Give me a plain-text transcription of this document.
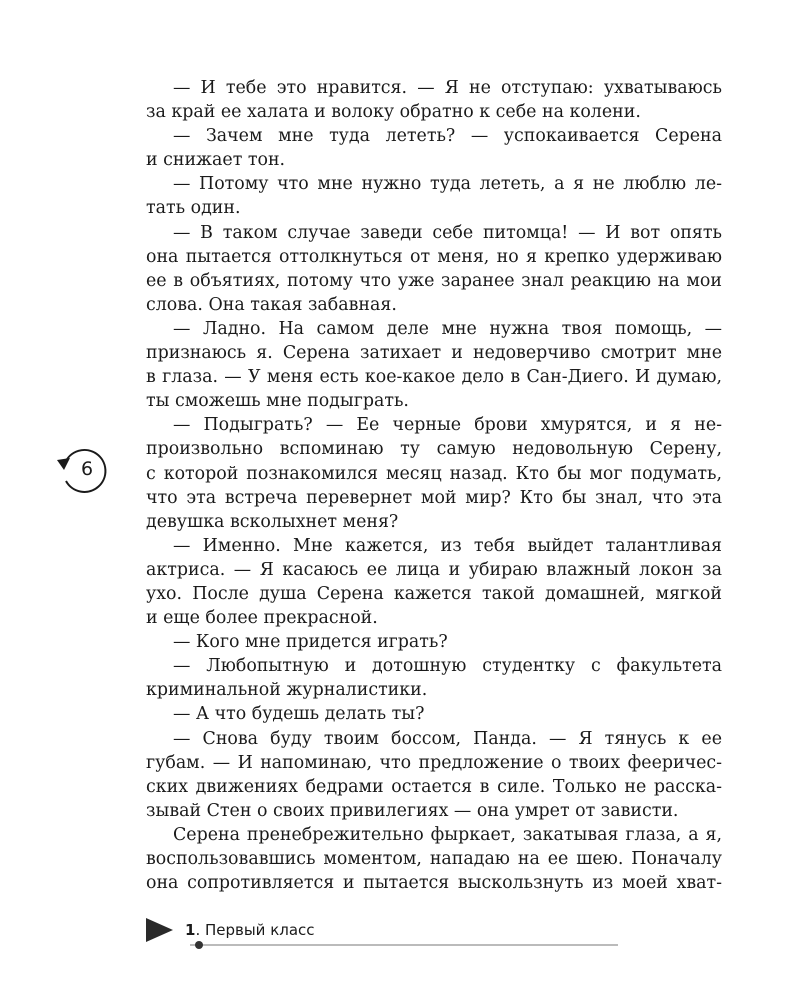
— И тебе это нравится. — Я не отступаю: ухватываюсь
за край ее халата и волоку обратно к себе на колени.
— Зачем мне туда лететь? — успокаивается Серена
и снижает тон.
— Потому что мне нужно туда лететь, а я не люблю ле-
тать один.
— В таком случае заведи себе питомца! — И вот опять
она пытается оттолкнуться от меня, но я крепко удерживаю
ее в объятиях, потому что уже заранее знал реакцию на мои
слова. Она такая забавная.
— Ладно. На самом деле мне нужна твоя помощь, —
признаюсь я. Серена затихает и недоверчиво смотрит мне
в глаза. — У меня есть кое-какое дело в Сан-Диего. И думаю,
ты сможешь мне подыграть.
— Подыграть? — Ее черные брови хмурятся, и я не-
произвольно вспоминаю ту самую недовольную Серену,
с которой познакомился месяц назад. Кто бы мог подумать,
что эта встреча перевернет мой мир? Кто бы знал, что эта
девушка всколыхнет меня?
— Именно. Мне кажется, из тебя выйдет талантливая
актриса. — Я касаюсь ее лица и убираю влажный локон за
ухо. После душа Серена кажется такой домашней, мягкой
и еще более прекрасной.
— Кого мне придется играть?
— Любопытную и дотошную студентку с факультета
криминальной журналистики.
— А что будешь делать ты?
— Снова буду твоим боссом, Панда. — Я тянусь к ее
губам. — И напоминаю, что предложение о твоих фееричес-
ских движениях бедрами остается в силе. Только не расска-
зывай Стен о своих привилегиях — она умрет от зависти.
Серена пренебрежительно фыркает, закатывая глаза, а я,
воспользовавшись моментом, нападаю на ее шею. Поначалу
она сопротивляется и пытается выскользнуть из моей хват-
6
1. Первый класс
